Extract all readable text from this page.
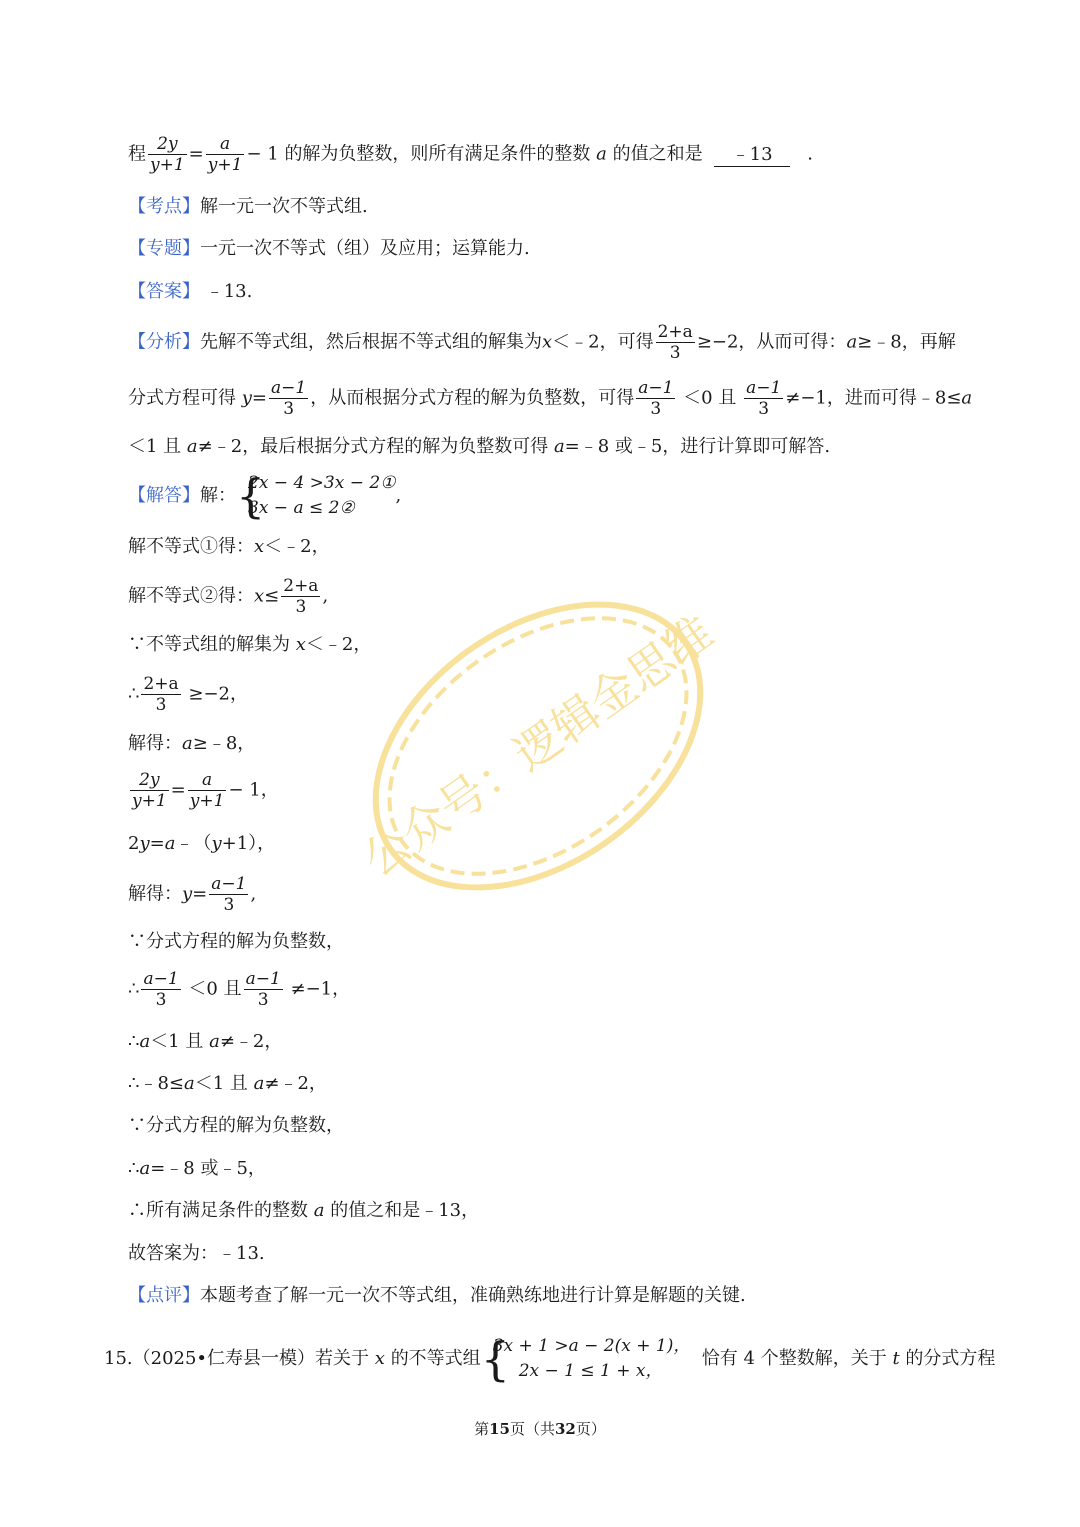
程 $\frac{2y}{y+1} = \frac{a}{y+1} - 1$ 的解为负整数，则所有满足条件的整数 a 的值之和是 ﹣13 .
【考点】解一元一次不等式组.
【专题】一元一次不等式（组）及应用；运算能力.
【答案】 ﹣13.
【分析】先解不等式组，然后根据不等式组的解集为x＜﹣2，可得 $\frac{2+a}{3} \ge-2$，从而可得：a≥﹣8，再解
分式方程可得 $y= \frac{a-1}{3}$ ，从而根据分式方程的解为负整数，可得 $\frac{a-1}{3} <0$ 且 $\frac{a-1}{3} \ne-1$，进而可得﹣8≤a
＜1 且 a≠﹣2，最后根据分式方程的解为负整数可得 a=﹣8 或﹣5，进行计算即可解答.
【解答】解： {
2x − 4 >3x − 2①
3x − a ≤ 2②
,
解不等式①得：x＜﹣2，
解不等式②得：$x\le \frac{2+a}{3}$ ,
∵不等式组的解集为 x＜﹣2，
∴ $\frac{2+a}{3} \ge-2$，
解得：a≥﹣8，
$\frac{2y}{y+1} = \frac{a}{y+1} - 1$，
2y=a﹣（y+1），
解得：$y= \frac{a-1}{3}$ ,
∵分式方程的解为负整数，
∴ $\frac{a-1}{3} <0$ 且 $\frac{a-1}{3} \ne-1$，
∴a＜1 且 a≠﹣2，
∴﹣8≤a＜1 且 a≠﹣2，
∵分式方程的解为负整数，
∴a=﹣8 或﹣5，
∴所有满足条件的整数 a 的值之和是﹣13，
故答案为：﹣13.
【点评】本题考查了解一元一次不等式组，准确熟练地进行计算是解题的关键.
15.（2025•仁寿县一模）若关于 x 的不等式组 {
3x + 1 >a − 2(x + 1)，
2x − 1 ≤ 1 + x，
恰有 4 个整数解，关于 t 的分式方程
第15页（共32页）
公众号：逻辑金思维
